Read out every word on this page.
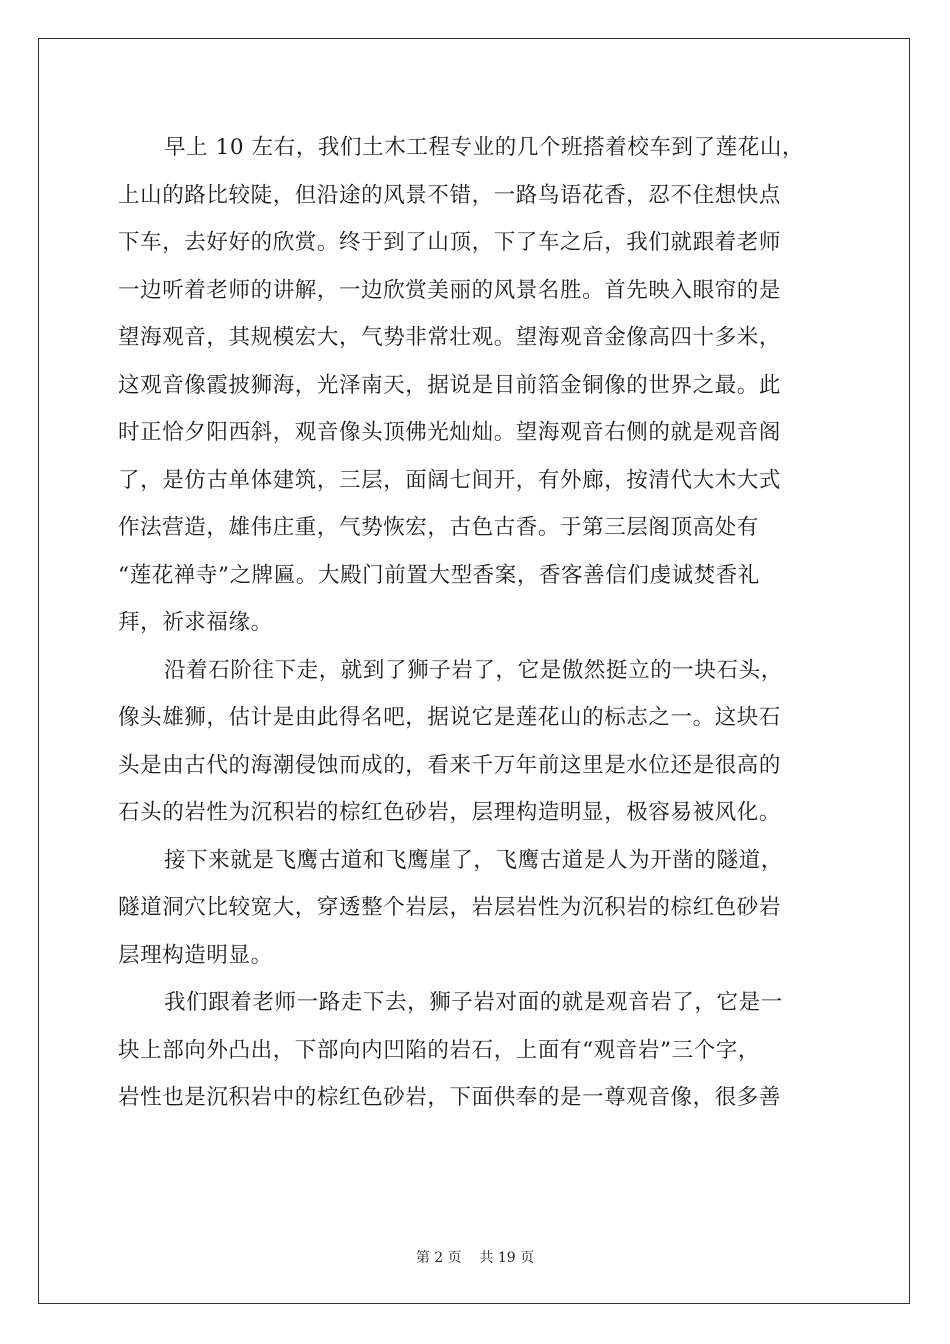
早上 10 左右，我们土木工程专业的几个班搭着校车到了莲花山，
上山的路比较陡，但沿途的风景不错，一路鸟语花香，忍不住想快点
下车，去好好的欣赏。终于到了山顶，下了车之后，我们就跟着老师
一边听着老师的讲解，一边欣赏美丽的风景名胜。首先映入眼帘的是
望海观音，其规模宏大，气势非常壮观。望海观音金像高四十多米，
这观音像霞披狮海，光泽南天，据说是目前箔金铜像的世界之最。此
时正恰夕阳西斜，观音像头顶佛光灿灿。望海观音右侧的就是观音阁
了，是仿古单体建筑，三层，面阔七间开，有外廊，按清代大木大式
作法营造，雄伟庄重，气势恢宏，古色古香。于第三层阁顶高处有
“莲花禅寺”之牌匾。大殿门前置大型香案，香客善信们虔诚焚香礼
拜，祈求福缘。
沿着石阶往下走，就到了狮子岩了，它是傲然挺立的一块石头，
像头雄狮，估计是由此得名吧，据说它是莲花山的标志之一。这块石
头是由古代的海潮侵蚀而成的，看来千万年前这里是水位还是很高的
石头的岩性为沉积岩的棕红色砂岩，层理构造明显，极容易被风化。
接下来就是飞鹰古道和飞鹰崖了，飞鹰古道是人为开凿的隧道，
隧道洞穴比较宽大，穿透整个岩层，岩层岩性为沉积岩的棕红色砂岩
层理构造明显。
我们跟着老师一路走下去，狮子岩对面的就是观音岩了，它是一
块上部向外凸出，下部向内凹陷的岩石，上面有“观音岩”三个字，
岩性也是沉积岩中的棕红色砂岩，下面供奉的是一尊观音像，很多善
第 2 页    共 19 页
